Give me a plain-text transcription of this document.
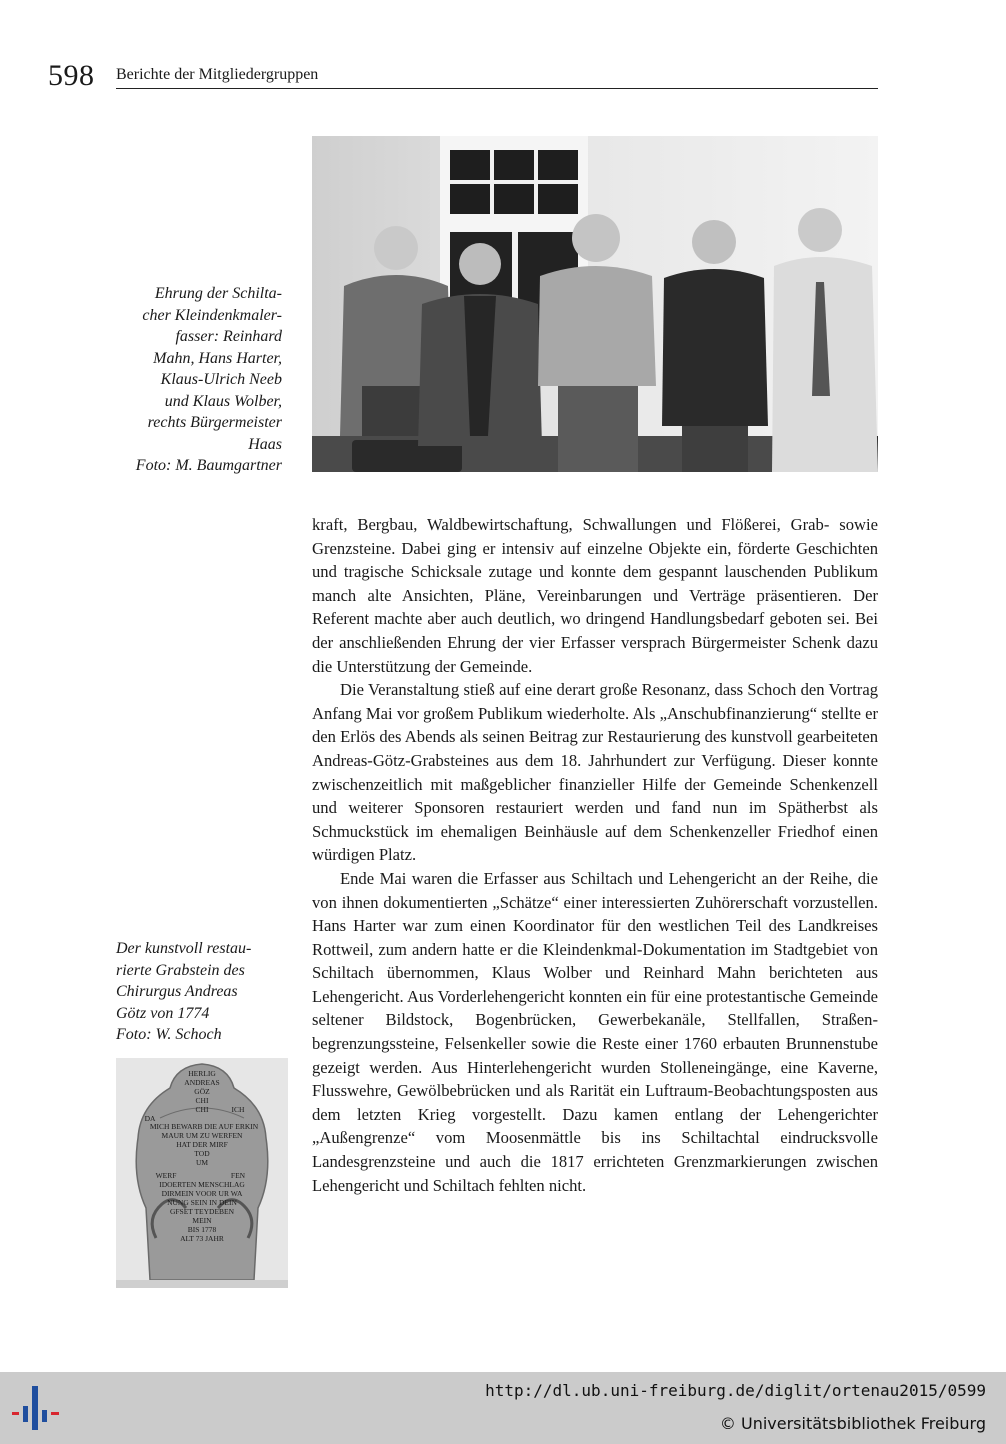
598 Berichte der Mitgliedergruppen
Ehrung der Schilta-
cher Kleindenkmaler-
fasser: Reinhard
Mahn, Hans Harter,
Klaus-Ulrich Neeb
und Klaus Wolber,
rechts Bürgermeister
Haas
Foto: M. Baumgartner
Der kunstvoll restau-
rierte Grabstein des
Chirurgus Andreas
Götz von 1774
Foto: W. Schoch
HERLIG
ANDREAS
GÖZ
CHI
CHI	ICH
DA
MICH BEWARB DIE AUF ERKIN
MAUR UM ZU WERFEN
HAT DER MIRF
TOD
UM
WERF	FEN
IDOERTEN MENSCHLAG
DIRMEIN VOOR UR WA
NUNG SEIN IN DEIN
GFSET TEYDEBEN
MEIN
BIS 1778
ALT 73 JAHR

kraft, Bergbau, Waldbewirtschaftung, Schwallungen und Flößerei, Grab- sowie Grenzsteine. Dabei ging er intensiv auf einzelne Objekte ein, förderte Geschichten und tragische Schicksale zutage und konnte dem gespannt lauschenden Publikum manch alte Ansichten, Pläne, Vereinbarungen und Verträge präsentieren. Der Referent machte aber auch deutlich, wo dringend Handlungsbedarf geboten sei. Bei der anschließenden Ehrung der vier Erfasser versprach Bürgermeister Schenk dazu die Unterstützung der Gemeinde.

Die Veranstaltung stieß auf eine derart große Resonanz, dass Schoch den Vortrag Anfang Mai vor großem Publikum wiederholte. Als „Anschubfinanzierung“ stellte er den Erlös des Abends als seinen Beitrag zur Restaurierung des kunstvoll gearbeiteten Andreas-Götz-Grabsteines aus dem 18. Jahrhundert zur Verfügung. Dieser konnte zwischenzeitlich mit maßgeblicher finanzieller Hilfe der Gemeinde Schenkenzell und weiterer Sponsoren restauriert werden und fand nun im Spätherbst als Schmuckstück im ehemaligen Beinhäusle auf dem Schenkenzeller Friedhof einen würdigen Platz.

Ende Mai waren die Erfasser aus Schiltach und Lehengericht an der Reihe, die von ihnen dokumentierten „Schätze“ einer interessierten Zuhörerschaft vorzustellen. Hans Harter war zum einen Koordinator für den westlichen Teil des Landkreises Rottweil, zum andern hatte er die Kleindenkmal-Dokumentation im Stadtgebiet von Schiltach übernommen, Klaus Wolber und Reinhard Mahn berichteten aus Lehengericht. Aus Vorderlehengericht konnten ein für eine protestantische Gemeinde seltener Bildstock, Bogenbrücken, Gewerbekanäle, Stellfallen, Straßenbegrenzungssteine, Felsenkeller sowie die Reste einer 1760 erbauten Brunnenstube gezeigt werden. Aus Hinterlehengericht wurden Stolleneingänge, eine Kaverne, Flusswehre, Gewölbebrücken und als Rarität ein Luftraum-Beobachtungsposten aus dem letzten Krieg vorgestellt. Dazu kamen entlang der Lehengerichter „Außengrenze“ vom Moosenmättle bis ins Schiltachtal eindrucksvolle Landesgrenzsteine und auch die 1817 errichteten Grenzmarkierungen zwischen Lehengericht und Schiltach fehlten nicht.

http://dl.ub.uni-freiburg.de/diglit/ortenau2015/0599
© Universitätsbibliothek Freiburg
